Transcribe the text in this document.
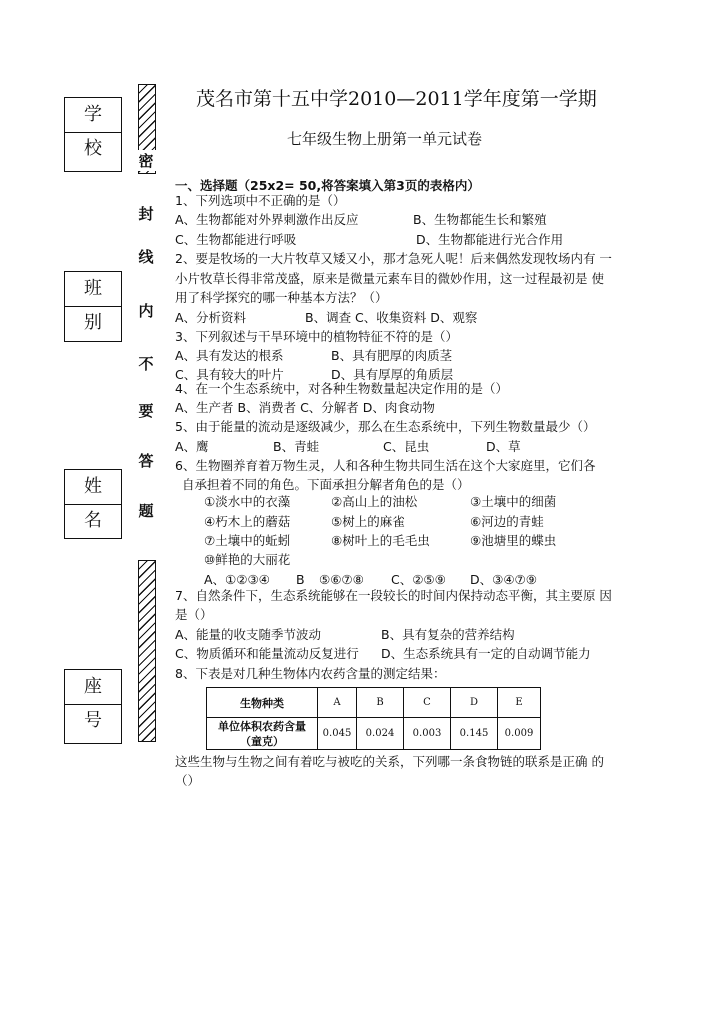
学校
班别
姓名
座号
密
封
线
内
不
要
答
题
茂名市第十五中学2010—2011学年度第一学期
七年级生物上册第一单元试卷
一、选择题（25x2= 50,将答案填入第3页的表格内）
1、下列选项中不正确的是（）
A、生物都能对外界刺激作出反应	B、生物都能生长和繁殖
C、生物都能进行呼吸	D、生物都能进行光合作用
2、要是牧场的一大片牧草又矮又小，那才急死人呢！后来偶然发现牧场内有 一
小片牧草长得非常茂盛，原来是微量元素车目的微妙作用，这一过程最初是 使
用了科学探究的哪一种基本方法？（）
A、分析资料	B、调查 C、收集资料 D、观察
3、下列叙述与干旱环境中的植物特征不符的是（）
A、具有发达的根系	B、具有肥厚的肉质茎
C、具有较大的叶片	D、具有厚厚的角质层
4、在一个生态系统中，对各种生物数量起决定作用的是（）
A、生产者 B、消费者 C、分解者 D、肉食动物
5、由于能量的流动是逐级减少，那么在生态系统中，下列生物数量最少（）
A、鹰	B、青蛙	C、昆虫	D、草
6、生物圈养育着万物生灵，人和各种生物共同生活在这个大家庭里，它们各
自承担着不同的角色。下面承担分解者角色的是（）
①淡水中的衣藻	②高山上的油松	③土壤中的细菌
④朽木上的蘑菇	⑤树上的麻雀	⑥河边的青蛙
⑦土壤中的蚯蚓	⑧树叶上的毛毛虫	⑨池塘里的蝶虫
⑩鲜艳的大丽花
A、①②③④ B ⑤⑥⑦⑧ C、②⑤⑨ D、③④⑦⑨
7、自然条件下，生态系统能够在一段较长的时间内保持动态平衡，其主要原 因
是（）
A、能量的收支随季节波动	B、具有复杂的营养结构
C、物质循环和能量流动反复进行 D、生态系统具有一定的自动调节能力
8、下表是对几种生物体内农药含量的测定结果：
生物种类	A	B	C	D	E

单位体积农药含量
（童克）	0.045	0.024	0.003	0.145	0.009
这些生物与生物之间有着吃与被吃的关系，下列哪一条食物链的联系是正确 的
（）
